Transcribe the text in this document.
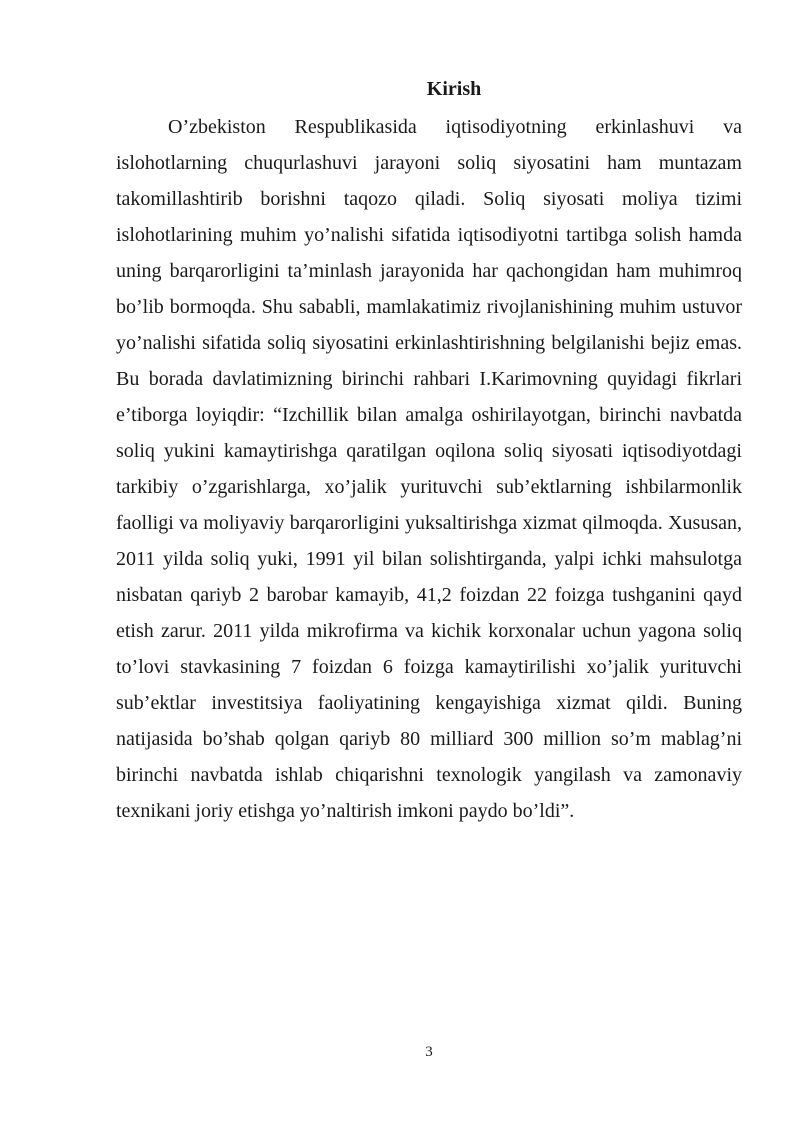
Kirish

O’zbekiston Respublikasida iqtisodiyotning erkinlashuvi va islohotlarning chuqurlashuvi jarayoni soliq siyosatini ham muntazam takomillashtirib borishni taqozo qiladi. Soliq siyosati moliya tizimi islohotlarining muhim yo’nalishi sifatida iqtisodiyotni tartibga solish hamda uning barqarorligini ta’minlash jarayonida har qachongidan ham muhimroq bo’lib bormoqda. Shu sababli, mamlakatimiz rivojlanishining muhim ustuvor yo’nalishi sifatida soliq siyosatini erkinlashtirishning belgilanishi bejiz emas. Bu borada davlatimizning birinchi rahbari I.Karimovning quyidagi fikrlari e’tiborga loyiqdir: “Izchillik bilan amalga oshirilayotgan, birinchi navbatda soliq yukini kamaytirishga qaratilgan oqilona soliq siyosati iqtisodiyotdagi tarkibiy o’zgarishlarga, xo’jalik yurituvchi sub’ektlarning ishbilarmonlik faolligi va moliyaviy barqarorligini yuksaltirishga xizmat qilmoqda. Xususan, 2011 yilda soliq yuki, 1991 yil bilan solishtirganda, yalpi ichki mahsulotga nisbatan qariyb 2 barobar kamayib, 41,2 foizdan 22 foizga tushganini qayd etish zarur. 2011 yilda mikrofirma va kichik korxonalar uchun yagona soliq to’lovi stavkasining 7 foizdan 6 foizga kamaytirilishi xo’jalik yurituvchi sub’ektlar investitsiya faoliyatining kengayishiga xizmat qildi. Buning natijasida bo’shab qolgan qariyb 80 milliard 300 million so’m mablag’ni birinchi navbatda ishlab chiqarishni texnologik yangilash va zamonaviy texnikani joriy etishga yo’naltirish imkoni paydo bo’ldi”.

3
